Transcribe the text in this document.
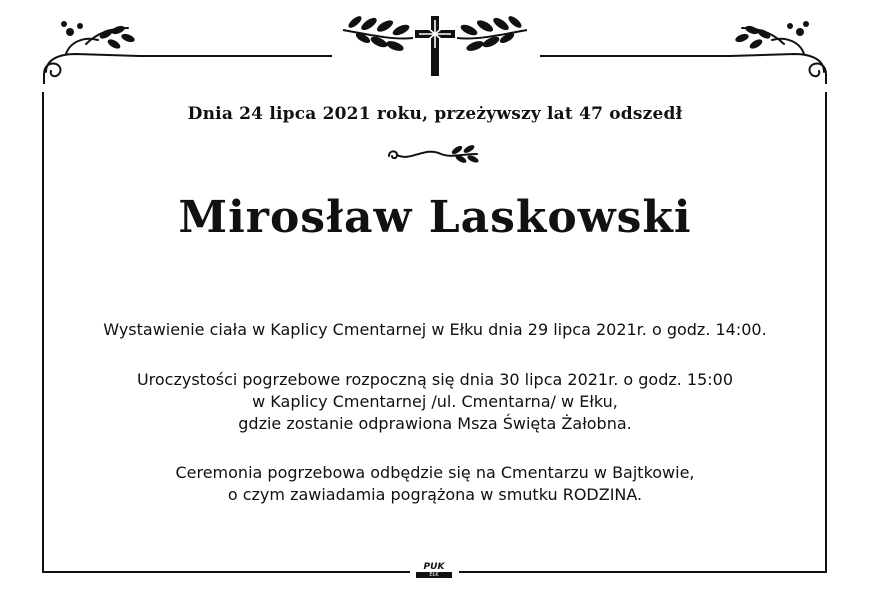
Dnia 24 lipca 2021 roku, przeżywszy lat 47 odszedł
Mirosław Laskowski
Wystawienie ciała w Kaplicy Cmentarnej w Ełku dnia 29 lipca 2021r. o godz. 14:00.
Uroczystości pogrzebowe rozpoczną się dnia 30 lipca 2021r. o godz. 15:00
w Kaplicy Cmentarnej /ul. Cmentarna/ w Ełku,
gdzie zostanie odprawiona Msza Święta Żałobna.
Ceremonia pogrzebowa odbędzie się na Cmentarzu w Bajtkowie,
o czym zawiadamia pogrążona w smutku RODZINA.
PUK
EŁK
